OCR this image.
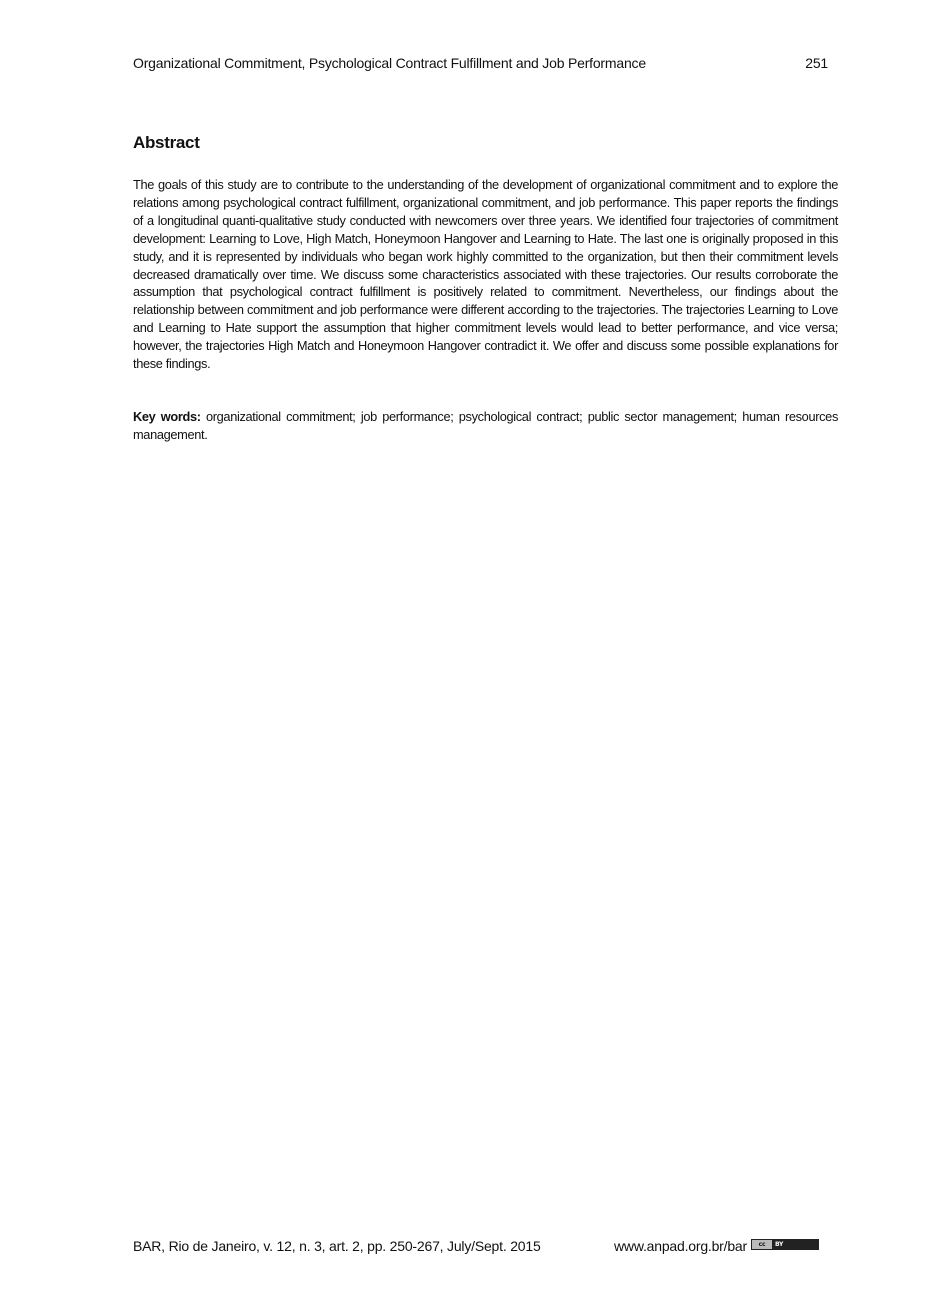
Organizational Commitment, Psychological Contract Fulfillment and Job Performance	251
Abstract

The goals of this study are to contribute to the understanding of the development of organizational commitment and to explore the relations among psychological contract fulfillment, organizational commitment, and job performance. This paper reports the findings of a longitudinal quanti-qualitative study conducted with newcomers over three years. We identified four trajectories of commitment development: Learning to Love, High Match, Honeymoon Hangover and Learning to Hate. The last one is originally proposed in this study, and it is represented by individuals who began work highly committed to the organization, but then their commitment levels decreased dramatically over time. We discuss some characteristics associated with these trajectories. Our results corroborate the assumption that psychological contract fulfillment is positively related to commitment. Nevertheless, our findings about the relationship between commitment and job performance were different according to the trajectories. The trajectories Learning to Love and Learning to Hate support the assumption that higher commitment levels would lead to better performance, and vice versa; however, the trajectories High Match and Honeymoon Hangover contradict it. We offer and discuss some possible explanations for these findings.

Key words: organizational commitment; job performance; psychological contract; public sector management; human resources management.

BAR, Rio de Janeiro, v. 12, n. 3, art. 2, pp. 250-267, July/Sept. 2015	www.anpad.org.br/bar	cc	BY
